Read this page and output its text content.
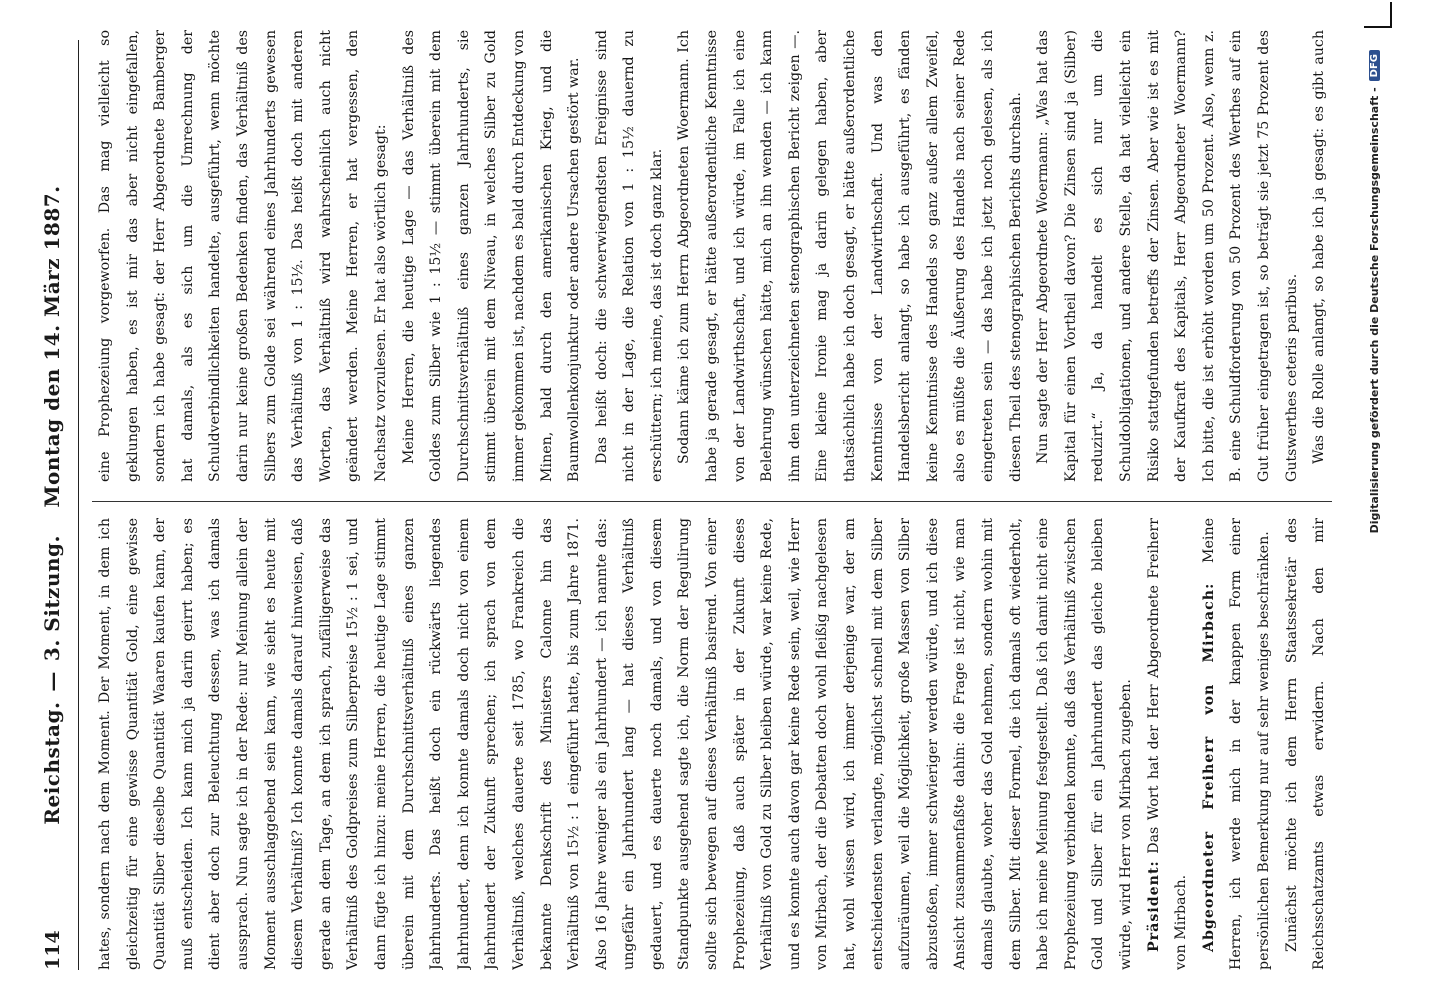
114
Reichstag.—3. Sitzung. Montag den 14. März 1887.

hates, sondern nach dem Moment. Der Moment, in dem ich gleichzeitig für eine gewisse Quantität Gold, eine gewisse Quantität Silber dieselbe Quantität Waaren kaufen kann, der muß entscheiden. Ich kann mich ja darin geirrt haben; es dient aber doch zur Beleuchtung dessen, was ich damals aussprach. Nun sagte ich in der Rede: nur Meinung allein der Moment ausschlaggebend sein kann, wie sieht es heute mit diesem Verhältniß? Ich konnte damals darauf hinweisen, daß gerade an dem Tage, an dem ich sprach, zufälligerweise das Verhältniß des Goldpreises zum Silberpreise 15½ : 1 sei, und dann fügte ich hinzu: meine Herren, die heutige Lage stimmt überein mit dem Durchschnittsverhältniß eines ganzen Jahrhunderts. Das heißt doch ein rückwärts liegendes Jahrhundert, denn ich konnte damals doch nicht von einem Jahrhundert der Zukunft sprechen; ich sprach von dem Verhältniß, welches dauerte seit 1785, wo Frankreich die bekannte Denkschrift des Ministers Calonne hin das Verhältniß von 15½ : 1 eingeführt hatte, bis zum Jahre 1871. Also 16 Jahre weniger als ein Jahrhundert — ich nannte das: ungefähr ein Jahrhundert lang — hat dieses Verhältniß gedauert, und es dauerte noch damals, und von diesem Standpunkte ausgehend sagte ich, die Norm der Regulirung sollte sich bewegen auf dieses Verhältniß basirend. Von einer Prophezeiung, daß auch später in der Zukunft dieses Verhältniß von Gold zu Silber bleiben würde, war keine Rede, und es konnte auch davon gar keine Rede sein, weil, wie Herr von Mirbach, der die Debatten doch wohl fleißig nachgelesen hat, wohl wissen wird, ich immer derjenige war, der am entschiedensten verlangte, möglichst schnell mit dem Silber aufzuräumen, weil die Möglichkeit, große Massen von Silber abzustoßen, immer schwieriger werden würde, und ich diese Ansicht zusammenfaßte dahin: die Frage ist nicht, wie man damals glaubte, woher das Gold nehmen, sondern wohin mit dem Silber. Mit dieser Formel, die ich damals oft wiederholt, habe ich meine Meinung festgestellt. Daß ich damit nicht eine Prophezeiung verbinden konnte, daß das Verhältniß zwischen Gold und Silber für ein Jahrhundert das gleiche bleiben würde, wird Herr von Mirbach zugeben. Präsident: Das Wort hat der Herr Abgeordnete Freiherr von Mirbach. Abgeordneter Freiherr von Mirbach: Meine Herren, ich werde mich in der knappen Form einer persönlichen Bemerkung nur auf sehr weniges beschränken. Zunächst möchte ich dem Herrn Staatssekretär des Reichsschatzamts etwas erwidern. Nach den mir

eine Prophezeiung vorgeworfen. Das mag vielleicht so geklungen haben, es ist mir das aber nicht eingefallen, sondern ich habe gesagt: der Herr Abgeordnete Bamberger hat damals, als es sich um die Umrechnung der Schuldverbindlichkeiten handelte, ausgeführt, wenn möchte darin nur keine großen Bedenken finden, das Verhältniß des Silbers zum Golde sei während eines Jahrhunderts gewesen das Verhältniß von 1 : 15½. Das heißt doch mit anderen Worten, das Verhältniß wird wahrscheinlich auch nicht geändert werden. Meine Herren, er hat vergessen, den Nachsatz vorzulesen. Er hat also wörtlich gesagt: Meine Herren, die heutige Lage — das Verhältniß des Goldes zum Silber wie 1 : 15½ — stimmt überein mit dem Durchschnittsverhältniß eines ganzen Jahrhunderts, sie stimmt überein mit dem Niveau, in welches Silber zu Gold immer gekommen ist, nachdem es bald durch Entdeckung von Minen, bald durch den amerikanischen Krieg, und die Baumwollenkonjunktur oder andere Ursachen gestört war. Das heißt doch: die schwerwiegendsten Ereignisse sind nicht in der Lage, die Relation von 1 : 15½ dauernd zu erschüttern; ich meine, das ist doch ganz klar. Sodann käme ich zum Herrn Abgeordneten Woermann. Ich habe ja gerade gesagt, er hätte außerordentliche Kenntnisse von der Landwirthschaft, und ich würde, im Falle ich eine Belehrung wünschen hätte, mich an ihn wenden — ich kann ihm den unterzeichneten stenographischen Bericht zeigen —. Eine kleine Ironie mag ja darin gelegen haben, aber thatsächlich habe ich doch gesagt, er hätte außerordentliche Kenntnisse von der Landwirthschaft. Und was den Handelsbericht anlangt, so habe ich ausgeführt, es fänden keine Kenntnisse des Handels so ganz außer allem Zweifel, also es müßte die Äußerung des Handels nach seiner Rede eingetreten sein — das habe ich jetzt noch gelesen, als ich diesen Theil des stenographischen Berichts durchsah. Nun sagte der Herr Abgeordnete Woermann: „Was hat das Kapital für einen Vortheil davon? Die Zinsen sind ja (Silber) reduzirt.“ Ja, da handelt es sich nur um die Schuldobligationen, und andere Stelle, da hat vielleicht ein Risiko stattgefunden betreffs der Zinsen. Aber wie ist es mit der Kaufkraft des Kapitals, Herr Abgeordneter Woermann? Ich bitte, die ist erhöht worden um 50 Prozent. Also, wenn z. B. eine Schuldforderung von 50 Prozent des Werthes auf ein Gut früher eingetragen ist, so beträgt sie jetzt 75 Prozent des Gutswerthes ceteris paribus. Was die Rolle anlangt, so habe ich ja gesagt: es gibt auch

Digitalisierung gefördert durch die Deutsche Forschungsgemeinschaft -DFG
